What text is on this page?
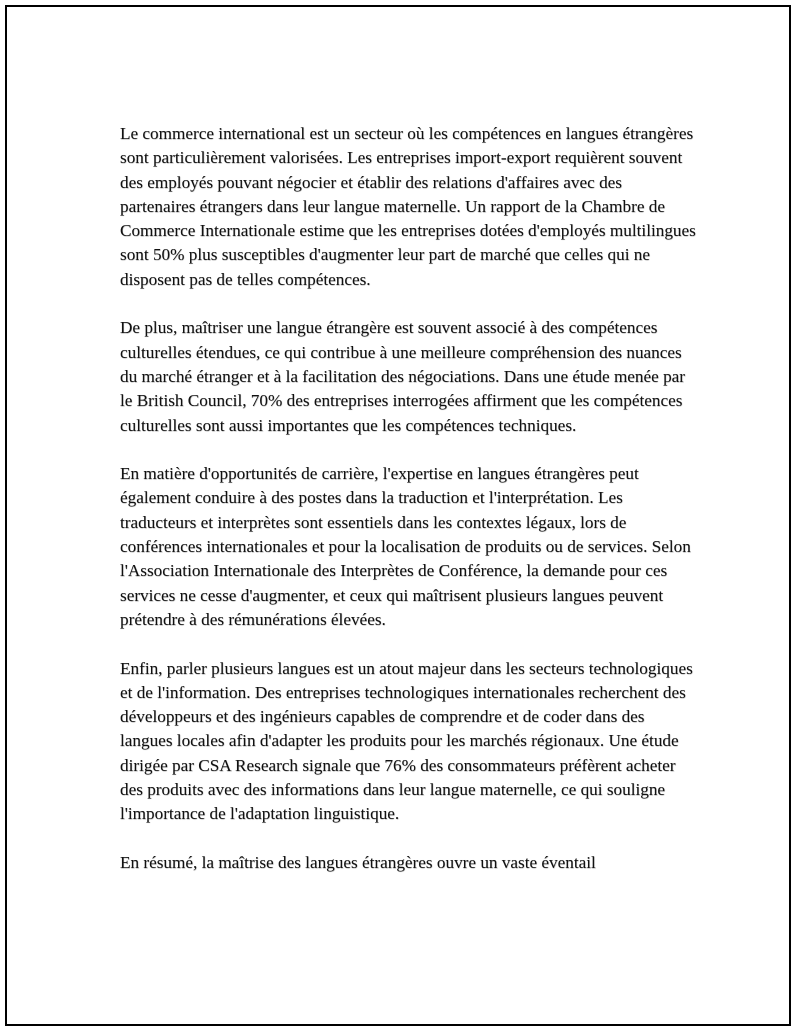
Le commerce international est un secteur où les compétences en langues étrangères sont particulièrement valorisées. Les entreprises import-export requièrent souvent des employés pouvant négocier et établir des relations d'affaires avec des partenaires étrangers dans leur langue maternelle. Un rapport de la Chambre de Commerce Internationale estime que les entreprises dotées d'employés multilingues sont 50% plus susceptibles d'augmenter leur part de marché que celles qui ne disposent pas de telles compétences.

De plus, maîtriser une langue étrangère est souvent associé à des compétences culturelles étendues, ce qui contribue à une meilleure compréhension des nuances du marché étranger et à la facilitation des négociations. Dans une étude menée par le British Council, 70% des entreprises interrogées affirment que les compétences culturelles sont aussi importantes que les compétences techniques.

En matière d'opportunités de carrière, l'expertise en langues étrangères peut également conduire à des postes dans la traduction et l'interprétation. Les traducteurs et interprètes sont essentiels dans les contextes légaux, lors de conférences internationales et pour la localisation de produits ou de services. Selon l'Association Internationale des Interprètes de Conférence, la demande pour ces services ne cesse d'augmenter, et ceux qui maîtrisent plusieurs langues peuvent prétendre à des rémunérations élevées.

Enfin, parler plusieurs langues est un atout majeur dans les secteurs technologiques et de l'information. Des entreprises technologiques internationales recherchent des développeurs et des ingénieurs capables de comprendre et de coder dans des langues locales afin d'adapter les produits pour les marchés régionaux. Une étude dirigée par CSA Research signale que 76% des consommateurs préfèrent acheter des produits avec des informations dans leur langue maternelle, ce qui souligne l'importance de l'adaptation linguistique.

En résumé, la maîtrise des langues étrangères ouvre un vaste éventail
